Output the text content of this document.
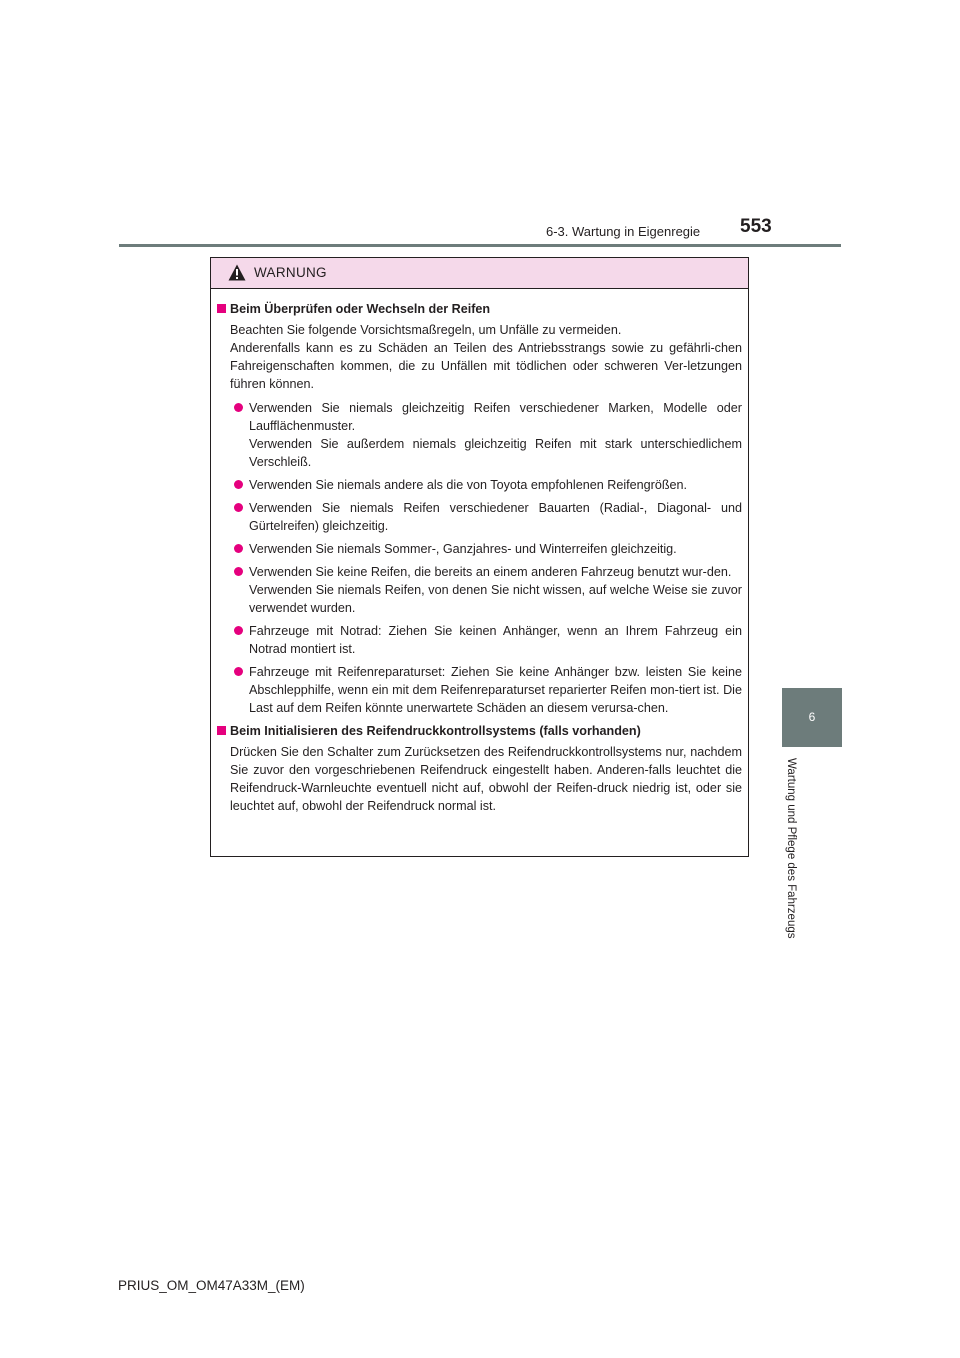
6-3. Wartung in Eigenregie 553
6
Wartung und Pflege des Fahrzeugs
WARNUNG
Beim Überprüfen oder Wechseln der Reifen
Beachten Sie folgende Vorsichtsmaßregeln, um Unfälle zu vermeiden.
Anderenfalls kann es zu Schäden an Teilen des Antriebsstrangs sowie zu gefährli-chen Fahreigenschaften kommen, die zu Unfällen mit tödlichen oder schweren Ver-letzungen führen können.
Verwenden Sie niemals gleichzeitig Reifen verschiedener Marken, Modelle oder Laufflächenmuster.
Verwenden Sie außerdem niemals gleichzeitig Reifen mit stark unterschiedlichem Verschleiß.
Verwenden Sie niemals andere als die von Toyota empfohlenen Reifengrößen.
Verwenden Sie niemals Reifen verschiedener Bauarten (Radial-, Diagonal- und Gürtelreifen) gleichzeitig.
Verwenden Sie niemals Sommer-, Ganzjahres- und Winterreifen gleichzeitig.
Verwenden Sie keine Reifen, die bereits an einem anderen Fahrzeug benutzt wur-den.
Verwenden Sie niemals Reifen, von denen Sie nicht wissen, auf welche Weise sie zuvor verwendet wurden.
Fahrzeuge mit Notrad: Ziehen Sie keinen Anhänger, wenn an Ihrem Fahrzeug ein Notrad montiert ist.
Fahrzeuge mit Reifenreparaturset: Ziehen Sie keine Anhänger bzw. leisten Sie keine Abschlepphilfe, wenn ein mit dem Reifenreparaturset reparierter Reifen mon-tiert ist. Die Last auf dem Reifen könnte unerwartete Schäden an diesem verursa-chen.
Beim Initialisieren des Reifendruckkontrollsystems (falls vorhanden)
Drücken Sie den Schalter zum Zurücksetzen des Reifendruckkontrollsystems nur, nachdem Sie zuvor den vorgeschriebenen Reifendruck eingestellt haben. Anderen-falls leuchtet die Reifendruck-Warnleuchte eventuell nicht auf, obwohl der Reifen-druck niedrig ist, oder sie leuchtet auf, obwohl der Reifendruck normal ist.
PRIUS_OM_OM47A33M_(EM)
